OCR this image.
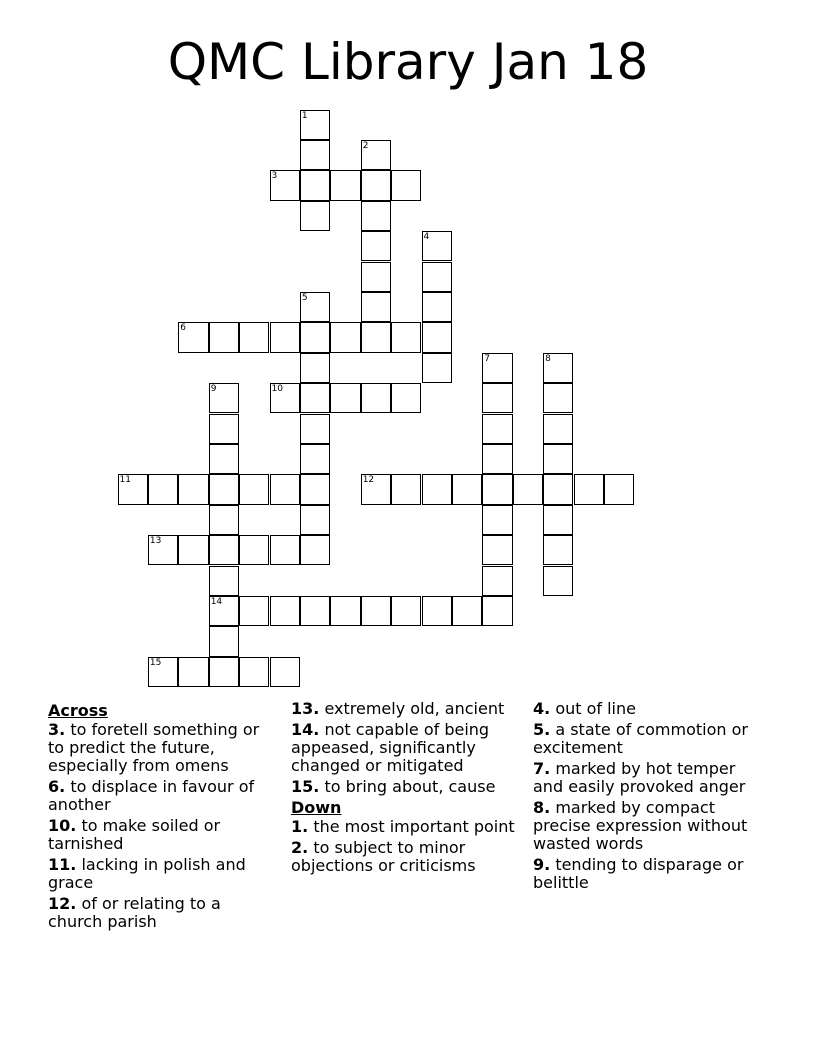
QMC Library Jan 18
1
2
3
4
5
6
7	8
9
14
10
11	12
13
15
Across
3. to foretell something or to predict the future, especially from omens
6. to displace in favour of another
10. to make soiled or tarnished
11. lacking in polish and grace
12. of or relating to a church parish
13. extremely old, ancient
14. not capable of being appeased, significantly changed or mitigated
15. to bring about, cause
Down
1. the most important point
2. to subject to minor objections or criticisms
4. out of line
5. a state of commotion or excitement
7. marked by hot temper and easily provoked anger
8. marked by compact precise expression without wasted words
9. tending to disparage or belittle
